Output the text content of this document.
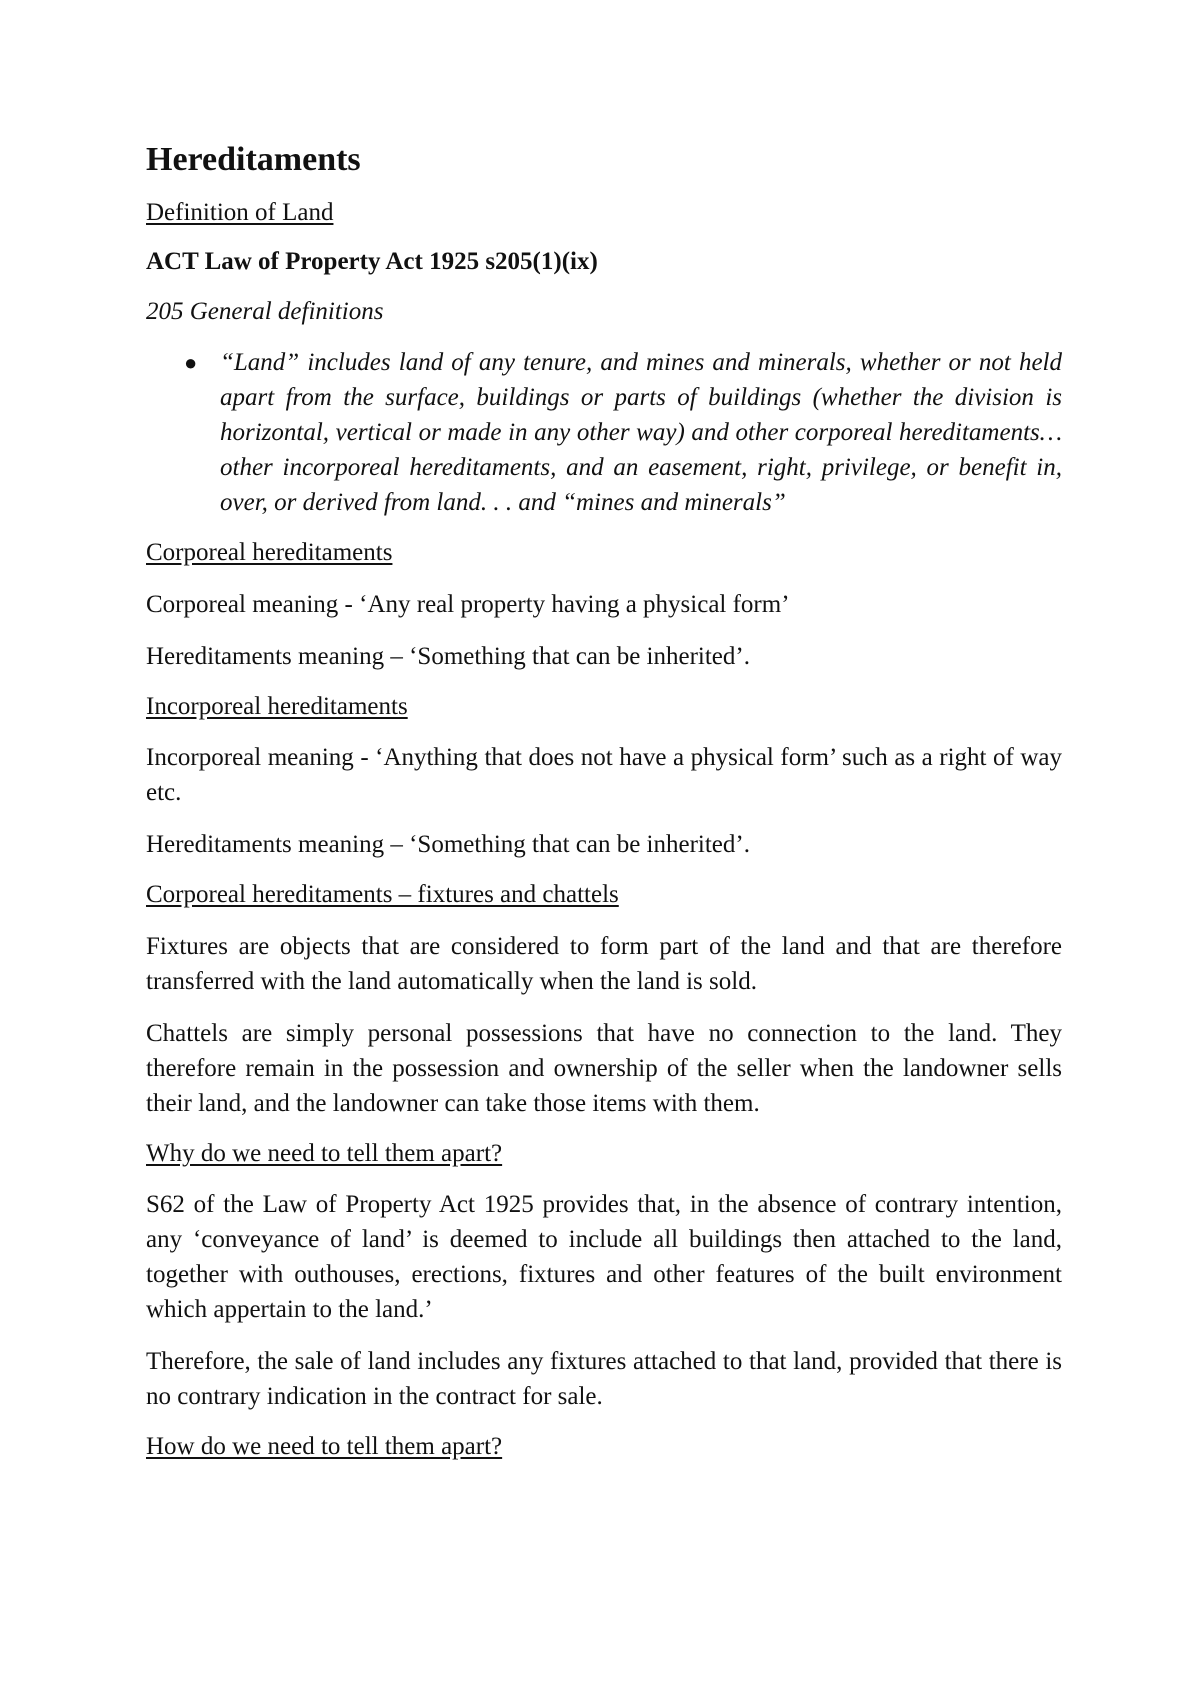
Hereditaments
Definition of Land
ACT Law of Property Act 1925 s205(1)(ix)
205 General definitions
● “Land” includes land of any tenure, and mines and minerals, whether or not held apart from the surface, buildings or parts of buildings (whether the division is horizontal, vertical or made in any other way) and other corporeal hereditaments… other incorporeal hereditaments, and an easement, right, privilege, or benefit in, over, or derived from land. . . and “mines and minerals”
Corporeal hereditaments
Corporeal meaning - ‘Any real property having a physical form’
Hereditaments meaning – ‘Something that can be inherited’.
Incorporeal hereditaments
Incorporeal meaning - ‘Anything that does not have a physical form’ such as a right of way etc.
Hereditaments meaning – ‘Something that can be inherited’.
Corporeal hereditaments – fixtures and chattels
Fixtures are objects that are considered to form part of the land and that are therefore transferred with the land automatically when the land is sold.
Chattels are simply personal possessions that have no connection to the land. They therefore remain in the possession and ownership of the seller when the landowner sells their land, and the landowner can take those items with them.
Why do we need to tell them apart?
S62 of the Law of Property Act 1925 provides that, in the absence of contrary intention, any ‘conveyance of land’ is deemed to include all buildings then attached to the land, together with outhouses, erections, fixtures and other features of the built environment which appertain to the land.’
Therefore, the sale of land includes any fixtures attached to that land, provided that there is no contrary indication in the contract for sale.
How do we need to tell them apart?
